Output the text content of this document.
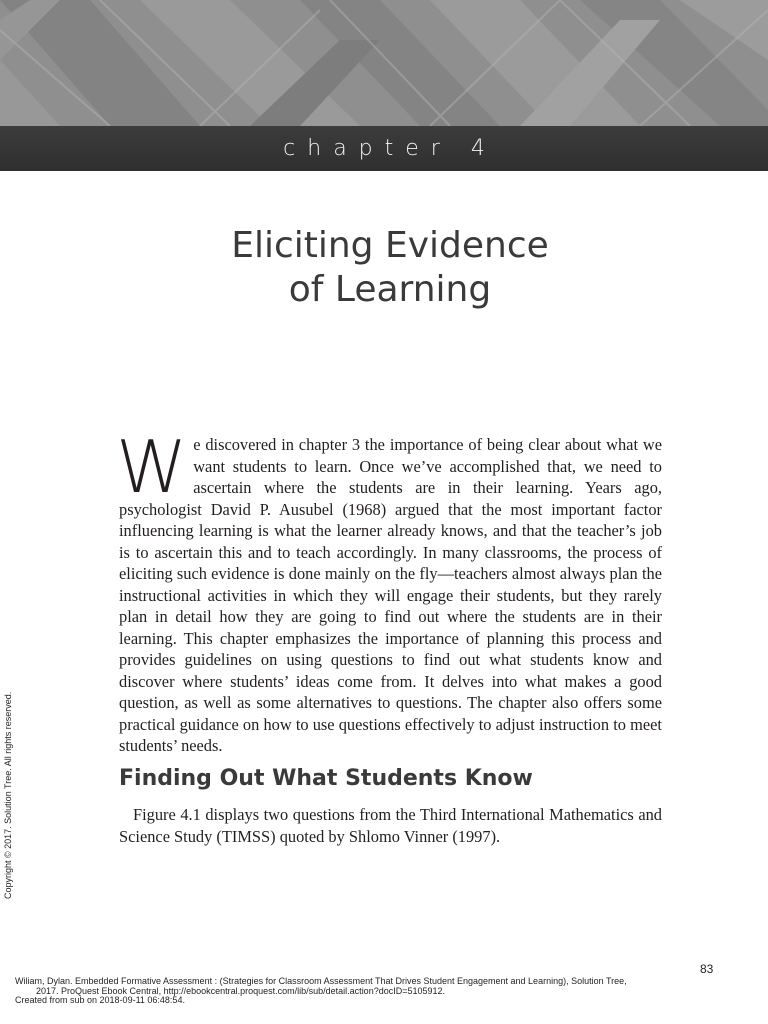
chapter 4
Eliciting Evidence
of Learning
We discovered in chapter 3 the importance of being clear about what we want students to learn. Once we’ve accomplished that, we need to ascertain where the students are in their learning. Years ago, psychologist David P. Ausubel (1968) argued that the most important factor influencing learning is what the learner already knows, and that the teacher’s job is to ascertain this and to teach accordingly. In many classrooms, the process of eliciting such evidence is done mainly on the fly—teachers almost always plan the instructional activities in which they will engage their students, but they rarely plan in detail how they are going to find out where the students are in their learning. This chapter emphasizes the importance of planning this process and provides guidelines on using questions to find out what students know and discover where students’ ideas come from. It delves into what makes a good question, as well as some alternatives to questions. The chapter also offers some practical guidance on how to use questions effectively to adjust instruction to meet students’ needs.
Finding Out What Students Know
Figure 4.1 displays two questions from the Third International Mathematics and Science Study (TIMSS) quoted by Shlomo Vinner (1997).
Copyright © 2017. Solution Tree. All rights reserved.
83
Wiliam, Dylan. Embedded Formative Assessment : (Strategies for Classroom Assessment That Drives Student Engagement and Learning), Solution Tree,
2017. ProQuest Ebook Central, http://ebookcentral.proquest.com/lib/sub/detail.action?docID=5105912.
Created from sub on 2018-09-11 06:48:54.
